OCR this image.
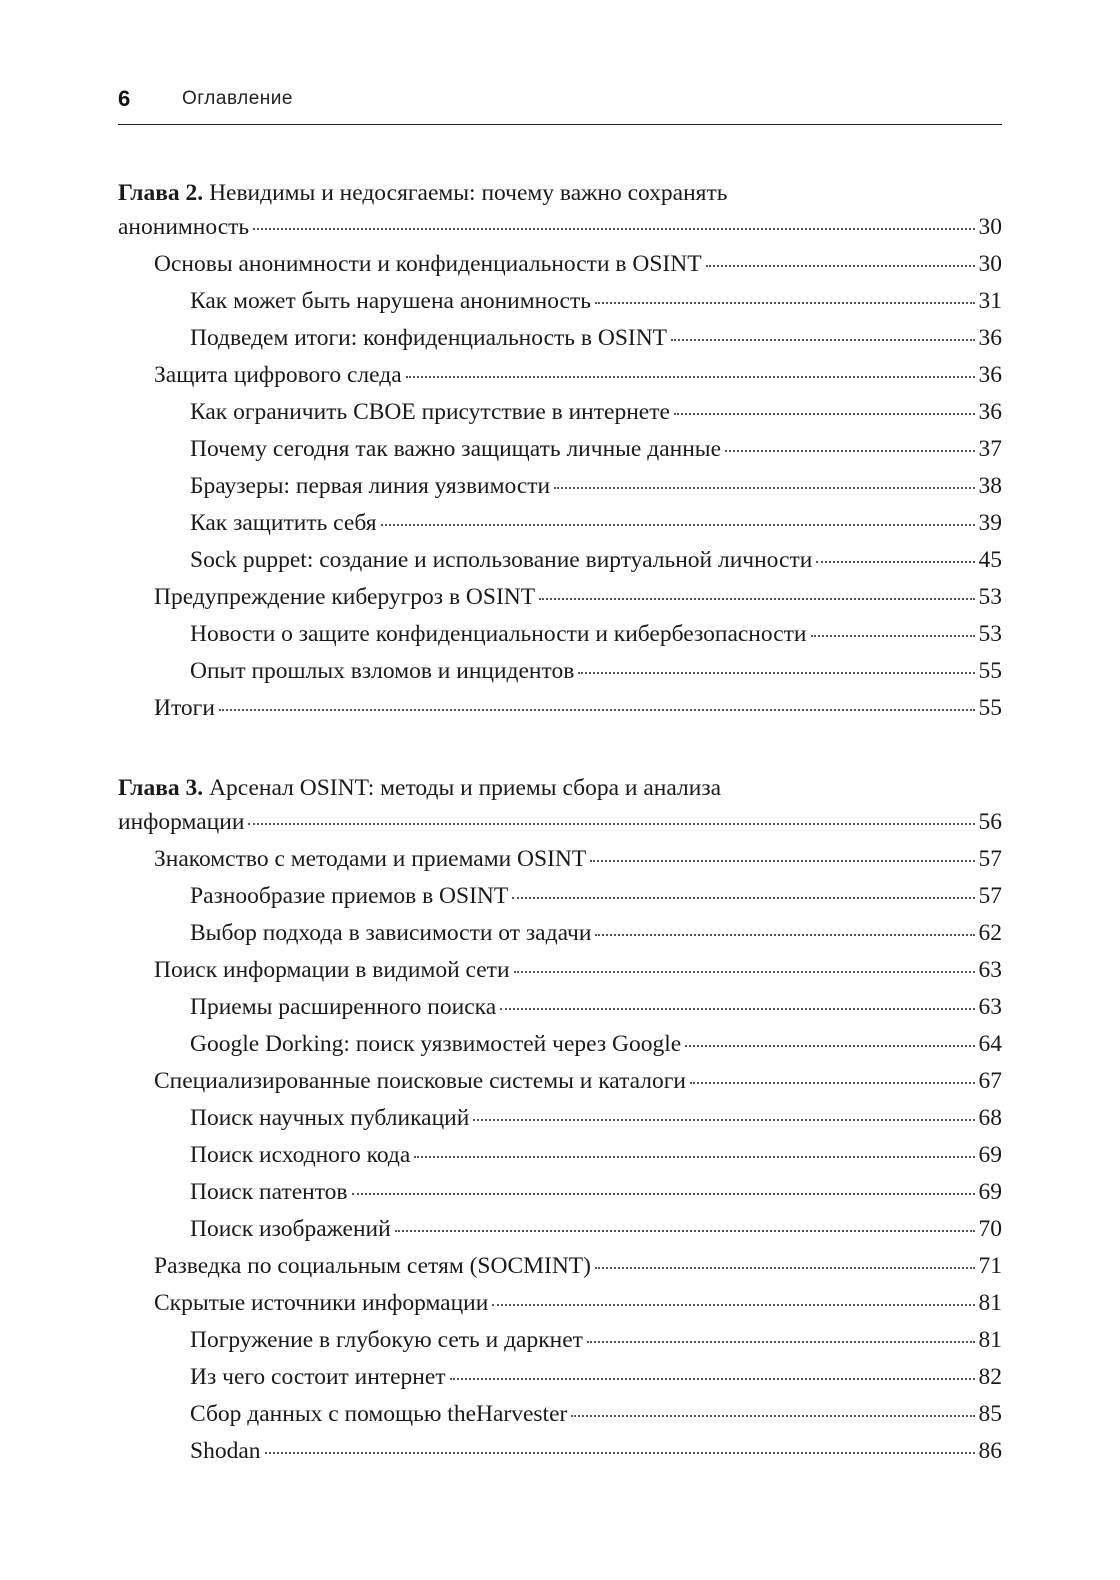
6	Оглавление
Глава 2. Невидимы и недосягаемы: почему важно сохранять
анонимность	30
Основы анонимности и конфиденциальности в OSINT	30
Как может быть нарушена анонимность	31
Подведем итоги: конфиденциальность в OSINT	36
Защита цифрового следа	36
Как ограничить СВОЕ присутствие в интернете	36
Почему сегодня так важно защищать личные данные	37
Браузеры: первая линия уязвимости	38
Как защитить себя	39
Sock puppet: создание и использование виртуальной личности	45
Предупреждение киберугроз в OSINT	53
Новости о защите конфиденциальности и кибербезопасности	53
Опыт прошлых взломов и инцидентов	55
Итоги	55
Глава 3. Арсенал OSINT: методы и приемы сбора и анализа
информации	56
Знакомство с методами и приемами OSINT	57
Разнообразие приемов в OSINT	57
Выбор подхода в зависимости от задачи	62
Поиск информации в видимой сети	63
Приемы расширенного поиска	63
Google Dorking: поиск уязвимостей через Google	64
Специализированные поисковые системы и каталоги	67
Поиск научных публикаций	68
Поиск исходного кода	69
Поиск патентов	69
Поиск изображений	70
Разведка по социальным сетям (SOCMINT)	71
Скрытые источники информации	81
Погружение в глубокую сеть и даркнет	81
Из чего состоит интернет	82
Сбор данных с помощью theHarvester	85
Shodan	86
